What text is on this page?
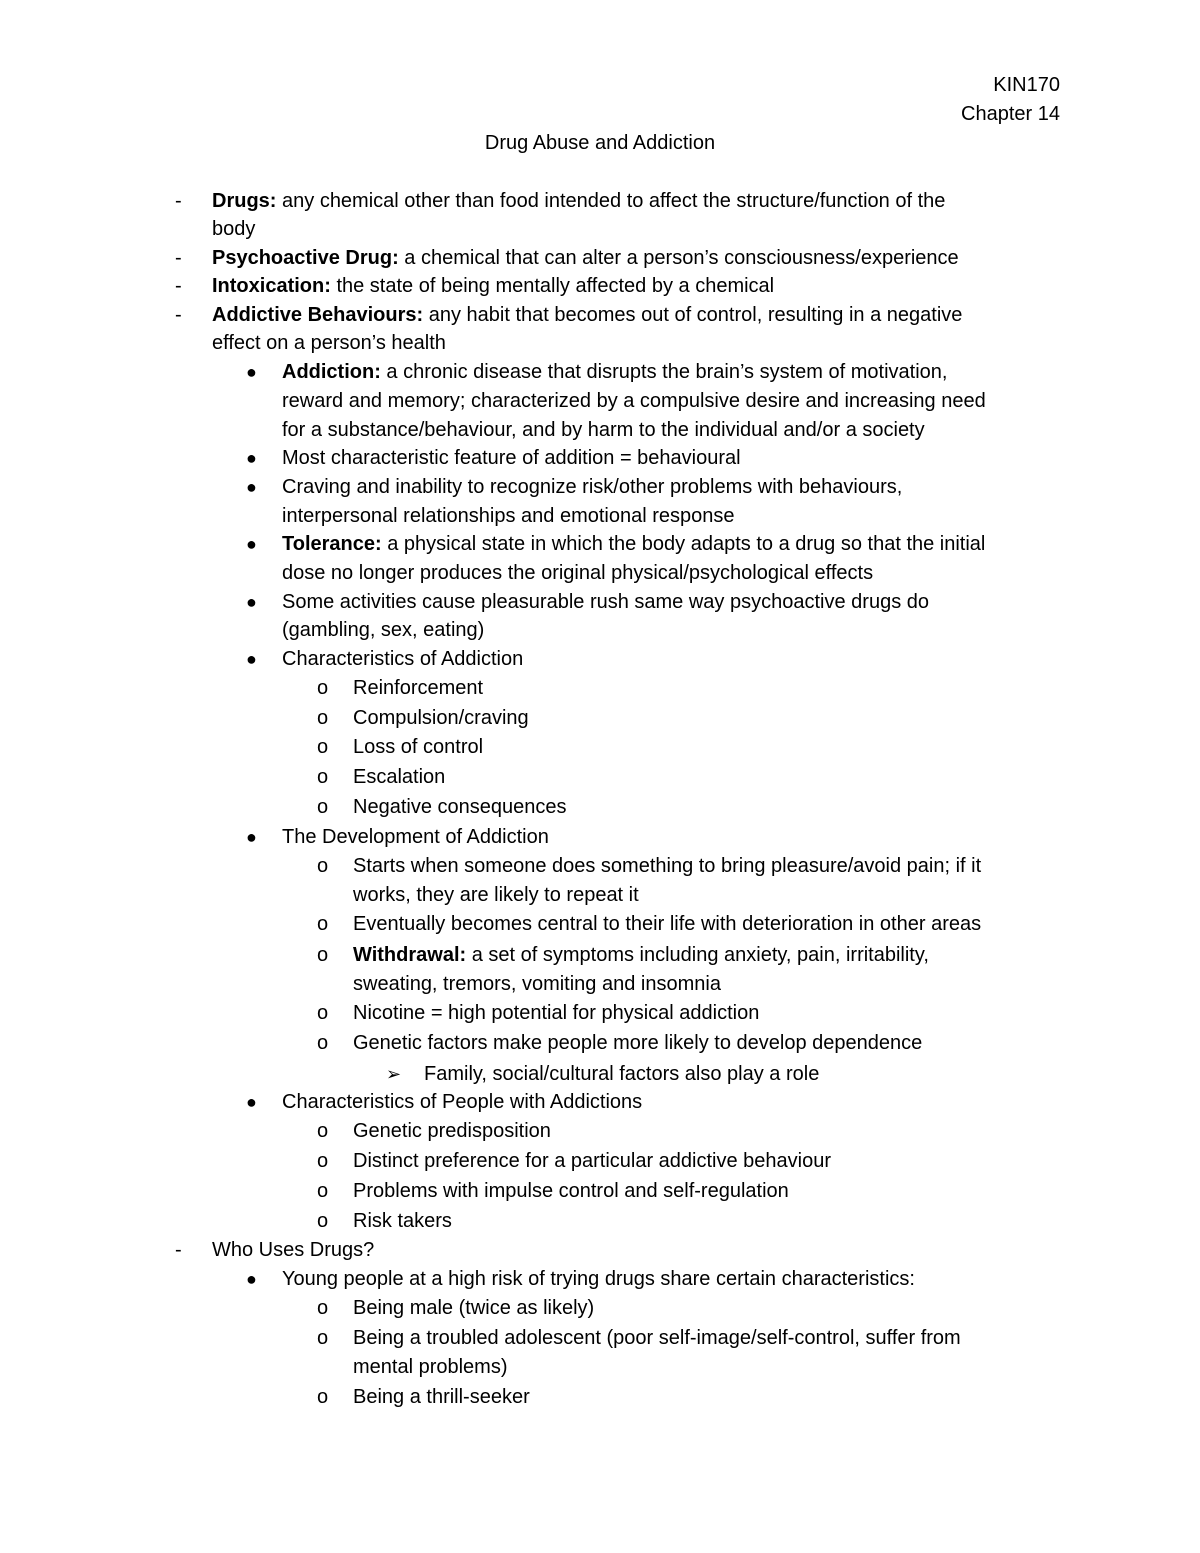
KIN170
Chapter 14
Drug Abuse and Addiction
- Drugs: any chemical other than food intended to affect the structure/function of the
body
- Psychoactive Drug: a chemical that can alter a person’s consciousness/experience
- Intoxication: the state of being mentally affected by a chemical
- Addictive Behaviours: any habit that becomes out of control, resulting in a negative
effect on a person’s health
● Addiction: a chronic disease that disrupts the brain’s system of motivation,
reward and memory; characterized by a compulsive desire and increasing need
for a substance/behaviour, and by harm to the individual and/or a society
● Most characteristic feature of addition = behavioural
● Craving and inability to recognize risk/other problems with behaviours,
interpersonal relationships and emotional response
● Tolerance: a physical state in which the body adapts to a drug so that the initial
dose no longer produces the original physical/psychological effects
● Some activities cause pleasurable rush same way psychoactive drugs do
(gambling, sex, eating)
● Characteristics of Addiction
o Reinforcement
o Compulsion/craving
o Loss of control
o Escalation
o Negative consequences
● The Development of Addiction
o Starts when someone does something to bring pleasure/avoid pain; if it
works, they are likely to repeat it
o Eventually becomes central to their life with deterioration in other areas
o Withdrawal: a set of symptoms including anxiety, pain, irritability,
sweating, tremors, vomiting and insomnia
o Nicotine = high potential for physical addiction
o Genetic factors make people more likely to develop dependence
➢ Family, social/cultural factors also play a role
● Characteristics of People with Addictions
o Genetic predisposition
o Distinct preference for a particular addictive behaviour
o Problems with impulse control and self-regulation
o Risk takers
- Who Uses Drugs?
● Young people at a high risk of trying drugs share certain characteristics:
o Being male (twice as likely)
o Being a troubled adolescent (poor self-image/self-control, suffer from
mental problems)
o Being a thrill-seeker
